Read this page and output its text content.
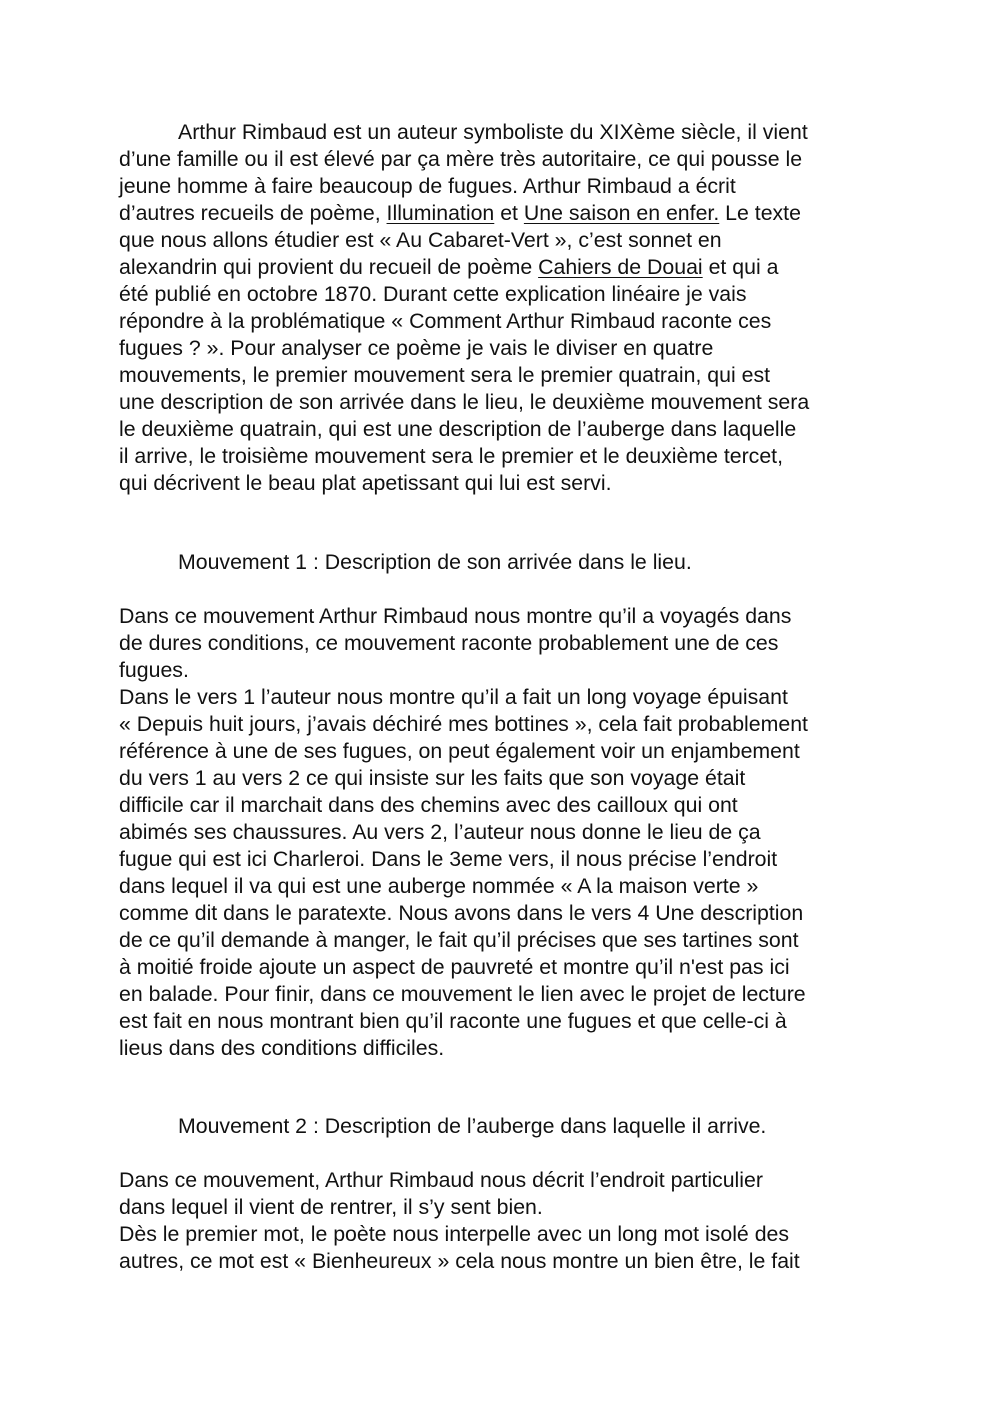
Arthur Rimbaud est un auteur symboliste du XIXème siècle, il vient

d’une famille ou il est élevé par ça mère très autoritaire, ce qui pousse le

jeune homme à faire beaucoup de fugues. Arthur Rimbaud a écrit

d’autres recueils de poème, Illumination et Une saison en enfer. Le texte

que nous allons étudier est « Au Cabaret-Vert », c’est sonnet en

alexandrin qui provient du recueil de poème Cahiers de Douai et qui a

été publié en octobre 1870. Durant cette explication linéaire je vais

répondre à la problématique « Comment Arthur Rimbaud raconte ces

fugues ? ». Pour analyser ce poème je vais le diviser en quatre

mouvements, le premier mouvement sera le premier quatrain, qui est

une description de son arrivée dans le lieu, le deuxième mouvement sera

le deuxième quatrain, qui est une description de l’auberge dans laquelle

il arrive, le troisième mouvement sera le premier et le deuxième tercet,

qui décrivent le beau plat apetissant qui lui est servi.

Mouvement 1 : Description de son arrivée dans le lieu.

Dans ce mouvement Arthur Rimbaud nous montre qu’il a voyagés dans

de dures conditions, ce mouvement raconte probablement une de ces

fugues.

Dans le vers 1 l’auteur nous montre qu’il a fait un long voyage épuisant

« Depuis huit jours, j’avais déchiré mes bottines », cela fait probablement

référence à une de ses fugues, on peut également voir un enjambement

du vers 1 au vers 2 ce qui insiste sur les faits que son voyage était

difficile car il marchait dans des chemins avec des cailloux qui ont

abimés ses chaussures. Au vers 2, l’auteur nous donne le lieu de ça

fugue qui est ici Charleroi. Dans le 3eme vers, il nous précise l’endroit

dans lequel il va qui est une auberge nommée « A la maison verte »

comme dit dans le paratexte. Nous avons dans le vers 4 Une description

de ce qu’il demande à manger, le fait qu’il précises que ses tartines sont

à moitié froide ajoute un aspect de pauvreté et montre qu’il n'est pas ici

en balade. Pour finir, dans ce mouvement le lien avec le projet de lecture

est fait en nous montrant bien qu’il raconte une fugues et que celle-ci à

lieus dans des conditions difficiles.

Mouvement 2 : Description de l’auberge dans laquelle il arrive.

Dans ce mouvement, Arthur Rimbaud nous décrit l’endroit particulier

dans lequel il vient de rentrer, il s’y sent bien.

Dès le premier mot, le poète nous interpelle avec un long mot isolé des

autres, ce mot est « Bienheureux » cela nous montre un bien être, le fait
